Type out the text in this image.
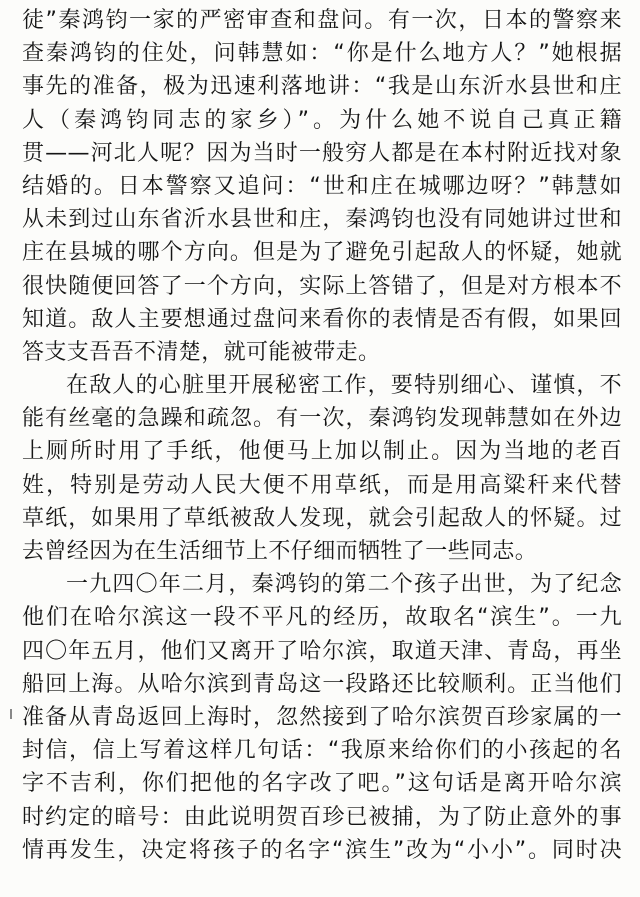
徒”秦鸿钧一家的严密审查和盘问。有一次，日本的警察来
查秦鸿钧的住处，问韩慧如：“你是什么地方人？”她根据
事先的准备，极为迅速利落地讲：“我是山东沂水县世和庄
人（秦鸿钧同志的家乡）”。为什么她不说自己真正籍
贯——河北人呢？因为当时一般穷人都是在本村附近找对象
结婚的。日本警察又追问：“世和庄在城哪边呀？”韩慧如
从未到过山东省沂水县世和庄，秦鸿钧也没有同她讲过世和
庄在县城的哪个方向。但是为了避免引起敌人的怀疑，她就
很快随便回答了一个方向，实际上答错了，但是对方根本不
知道。敌人主要想通过盘问来看你的表情是否有假，如果回
答支支吾吾不清楚，就可能被带走。
在敌人的心脏里开展秘密工作，要特别细心、谨慎，不
能有丝毫的急躁和疏忽。有一次，秦鸿钧发现韩慧如在外边
上厕所时用了手纸，他便马上加以制止。因为当地的老百
姓，特别是劳动人民大便不用草纸，而是用高粱秆来代替
草纸，如果用了草纸被敌人发现，就会引起敌人的怀疑。过
去曾经因为在生活细节上不仔细而牺牲了一些同志。
一九四〇年二月，秦鸿钧的第二个孩子出世，为了纪念
他们在哈尔滨这一段不平凡的经历，故取名“滨生”。一九
四〇年五月，他们又离开了哈尔滨，取道天津、青岛，再坐
船回上海。从哈尔滨到青岛这一段路还比较顺利。正当他们
准备从青岛返回上海时，忽然接到了哈尔滨贺百珍家属的一
封信，信上写着这样几句话：“我原来给你们的小孩起的名
字不吉利，你们把他的名字改了吧。”这句话是离开哈尔滨
时约定的暗号：由此说明贺百珍已被捕，为了防止意外的事
情再发生，决定将孩子的名字“滨生”改为“小小”。同时决
